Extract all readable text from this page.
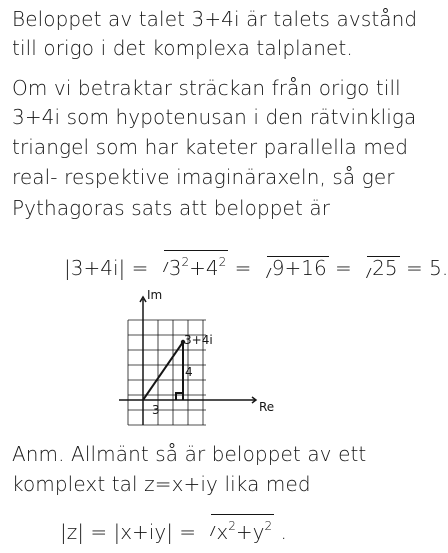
Beloppet av talet 3+4i är talets avstånd
till origo i det komplexa talplanet.
Om vi betraktar sträckan från origo till
3+4i som hypotenusan i den rätvinkliga
triangel som har kateter parallella med
real- respektive imaginäraxeln, så ger
Pythagoras sats att beloppet är
$|3+4i| = 3^2+4^2 = 9+16 = 25 = 5$.
Im
Re
3+4i
4
3
Anm. Allmänt så är beloppet av ett
komplext tal z=x+iy lika med
$|z| = |x+iy| = x^2+y^2$ .
